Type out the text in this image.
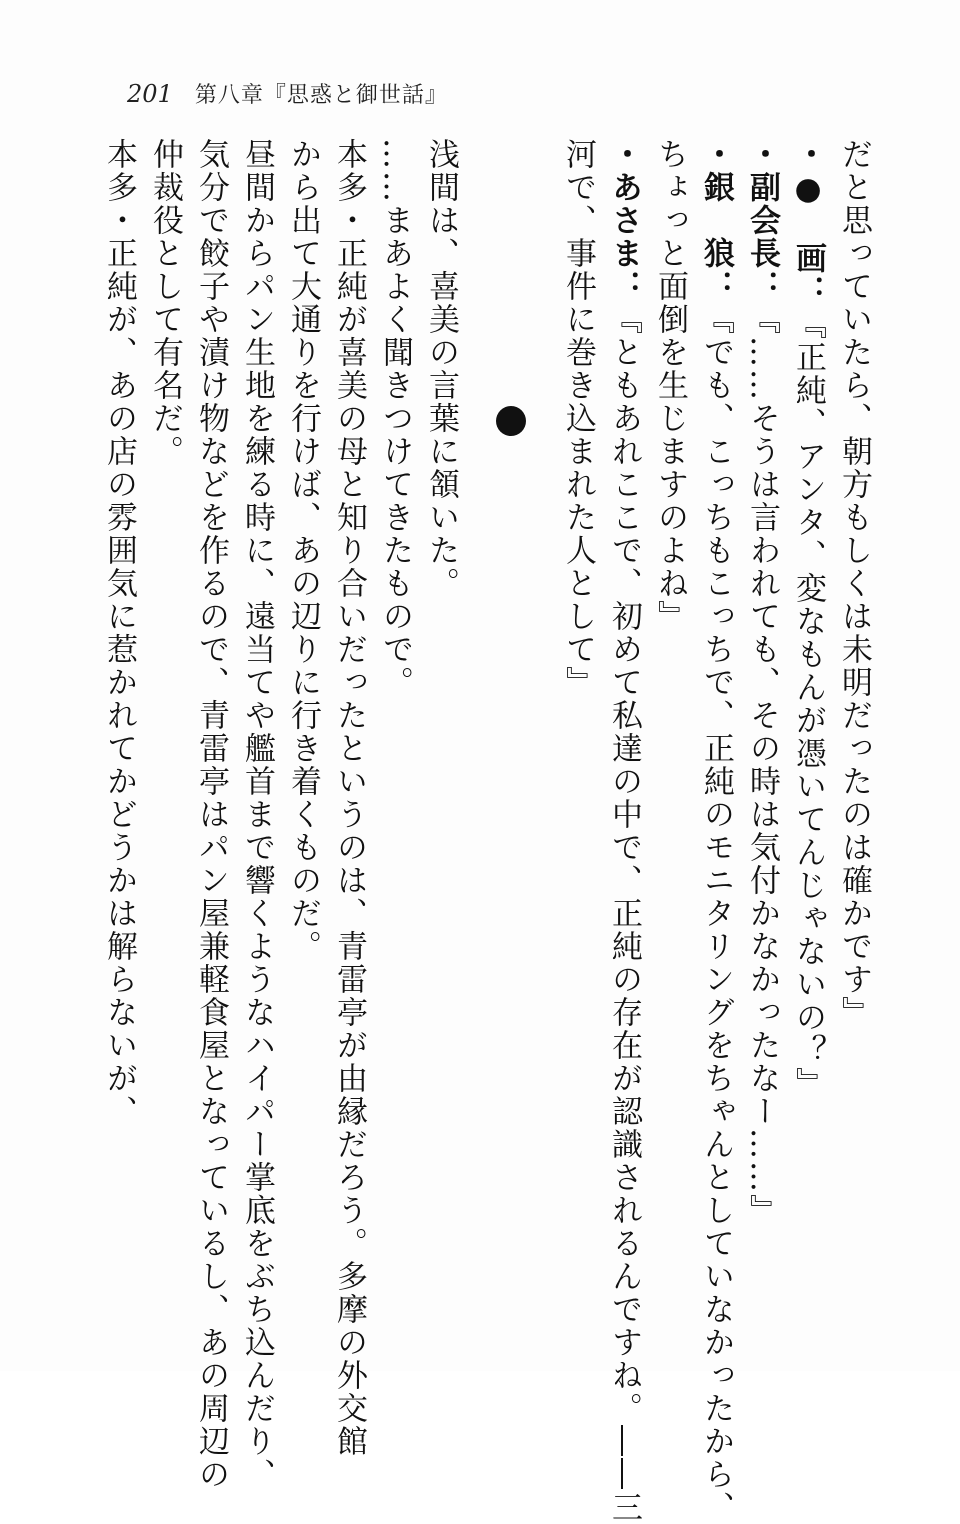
201 第八章『思惑と御世話』
だと思っていたら、朝方もしくは未明だったのは確かです』
・●　画：『正純、アンタ、変なもんが憑いてんじゃないの？』
・副会長：『……そうは言われても、その時は気付かなかったなー……』
・銀　狼：『でも、こっちもこっちで、正純のモニタリングをちゃんとしていなかったから、
ちょっと面倒を生じますのよね』
・あさま：『ともあれここで、初めて私達の中で、正純の存在が認識されるんですね。――三
河で、事件に巻き込まれた人として』
浅間は、喜美の言葉に頷いた。
……まあよく聞きつけてきたもので。
本多・正純が喜美の母と知り合いだったというのは、青雷亭が由縁だろう。多摩の外交館
から出て大通りを行けば、あの辺りに行き着くものだ。
昼間からパン生地を練る時に、遠当てや艦首まで響くようなハイパー掌底をぶち込んだり、
気分で餃子や漬け物などを作るので、青雷亭はパン屋兼軽食屋となっているし、あの周辺の
仲裁役として有名だ。
本多・正純が、あの店の雰囲気に惹かれてかどうかは解らないが、
